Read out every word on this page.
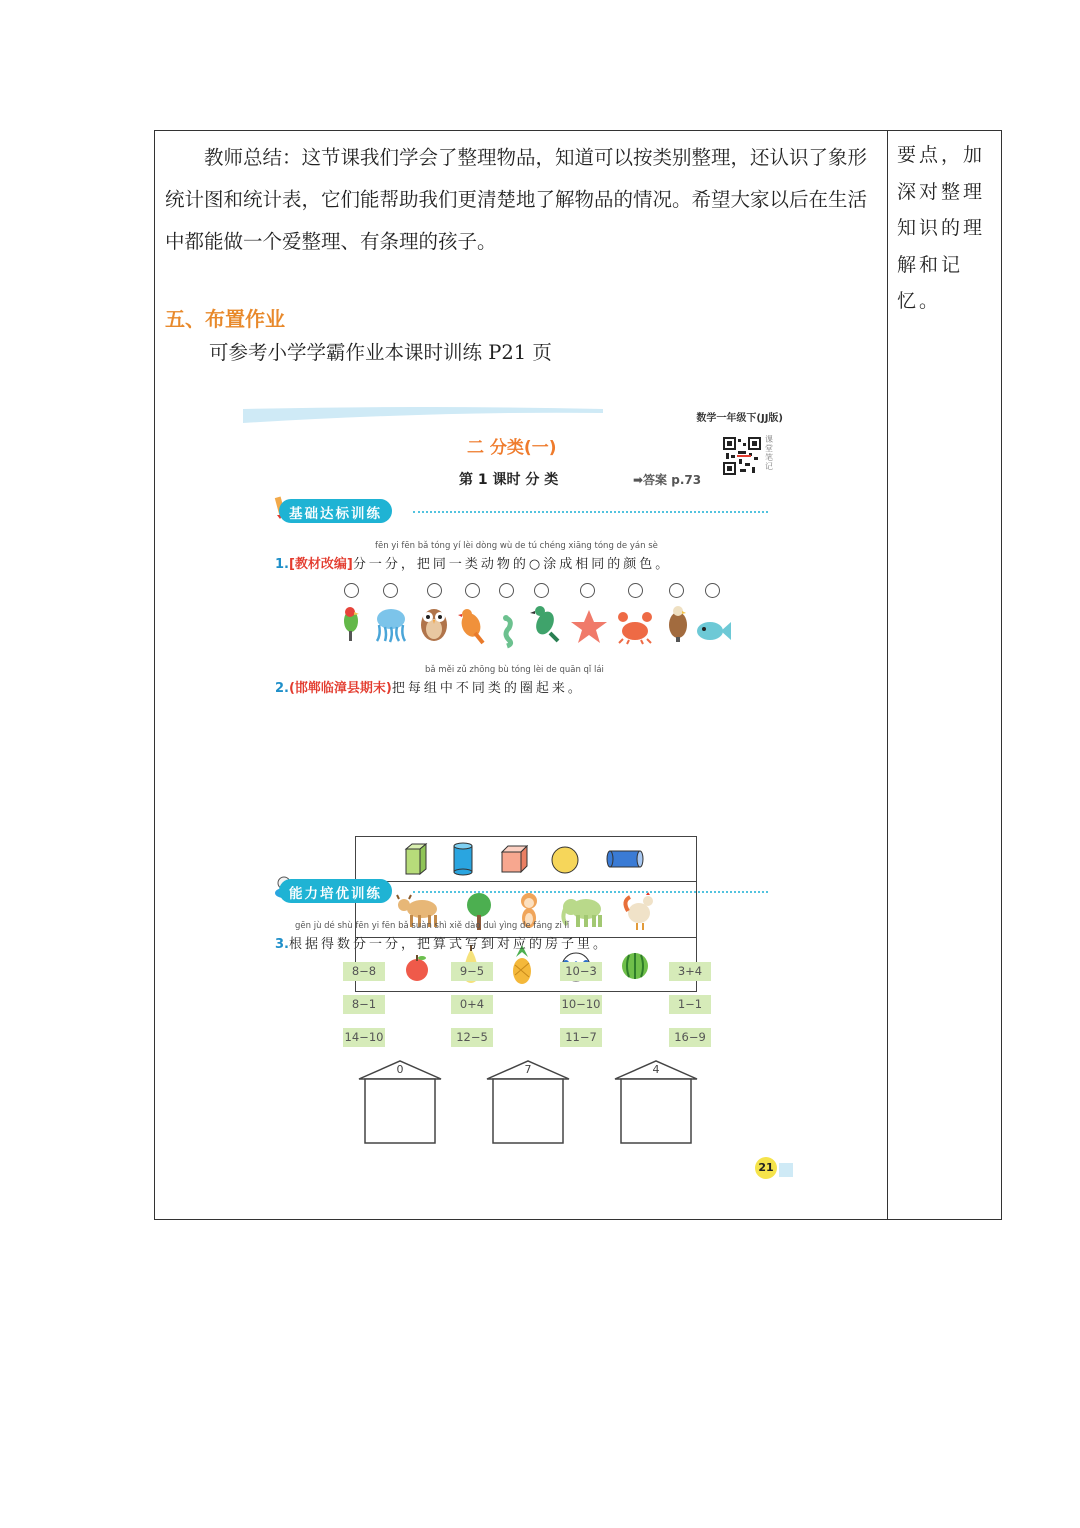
教师总结：这节课我们学会了整理物品，知道可以按类别整理，还认识了象形统计图和统计表，它们能帮助我们更清楚地了解物品的情况。希望大家以后在生活中都能做一个爱整理、有条理的孩子。

要点，加深对整理知识的理解和记忆。
五、布置作业
可参考小学学霸作业本课时训练 P21 页
数学一年级下(JJ版)
二 分类(一)
第 1 课时 分 类	➡答案 p.73
课堂笔记
基础达标训练
fēn yi fēn bǎ tóng yí lèi dòng wù de tú chéng xiāng tóng de yán sè
1.[教材改编]分一分，把同一类动物的○涂成相同的颜色。
bǎ měi zǔ zhōng bù tóng lèi de quān qǐ lái
2.(邯郸临漳县期末)把每组中不同类的圈起来。
能力培优训练
gēn jù dé shù fēn yi fēn bǎ suàn shì xiě dào duì yìng de fáng zi lǐ
3.根据得数分一分，把算式写到对应的房子里。
8−8	9−5	10−3	3+4
8−1	0+4	10−10	1−1
14−10	12−5	11−7	16−9
0	7	4
21
